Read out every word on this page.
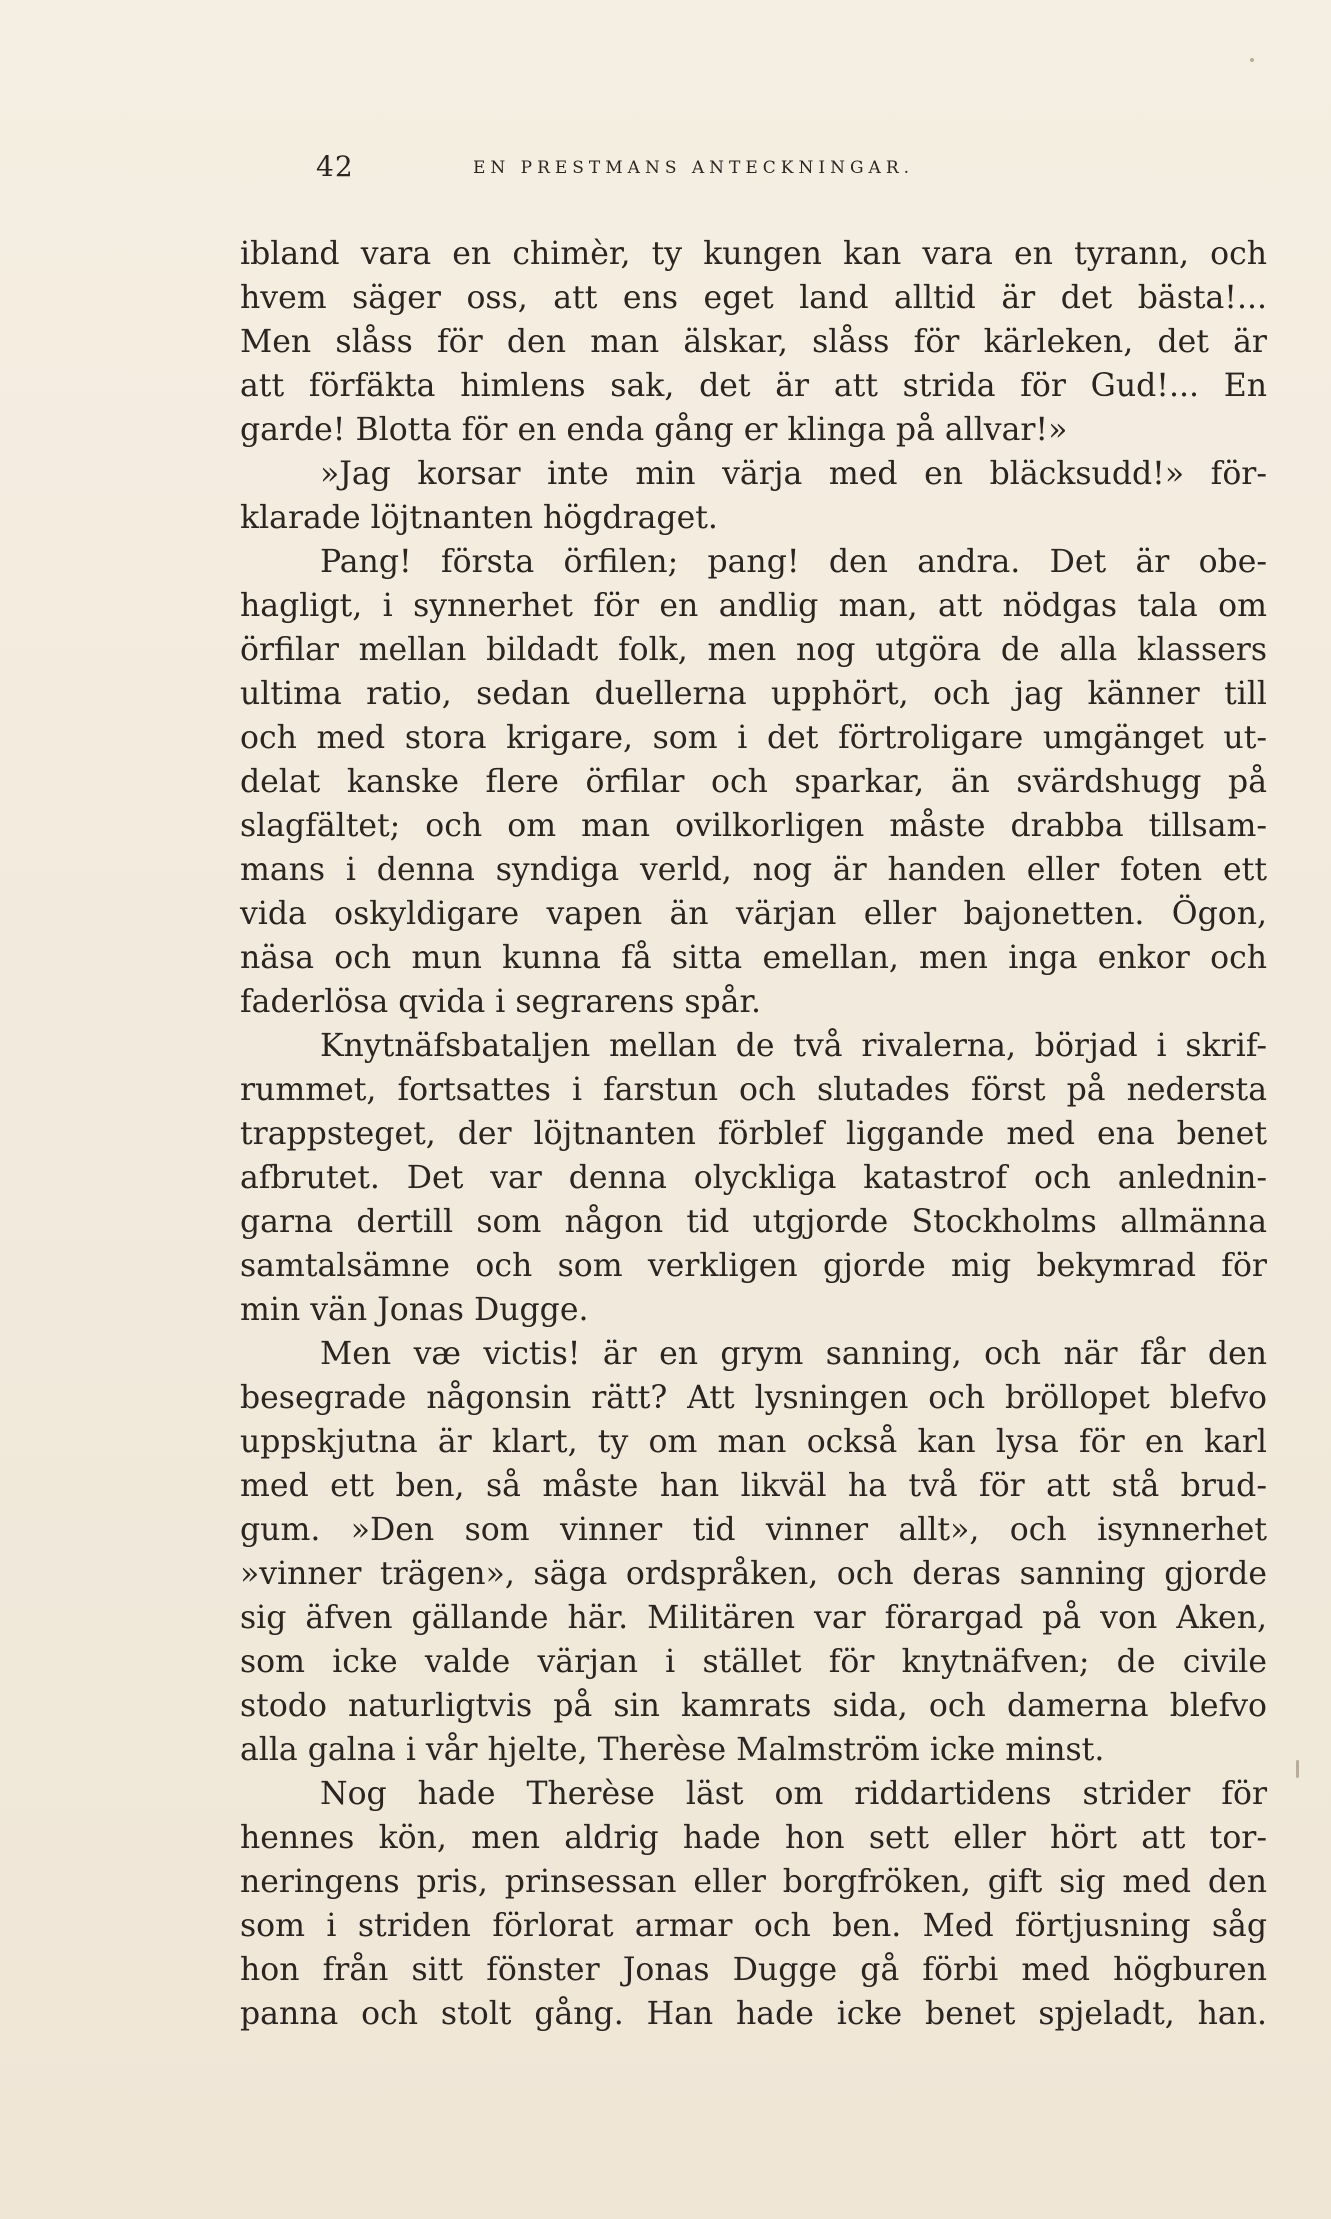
42	EN PRESTMANS ANTECKNINGAR.
ibland vara en chimèr, ty kungen kan vara en tyrann, och
hvem säger oss, att ens eget land alltid är det bästa!...
Men slåss för den man älskar, slåss för kärleken, det är
att förfäkta himlens sak, det är att strida för Gud!... En
garde! Blotta för en enda gång er klinga på allvar!»
»Jag korsar inte min värja med en bläcksudd!» för-
klarade löjtnanten högdraget.
Pang! första örfilen; pang! den andra. Det är obe-
hagligt, i synnerhet för en andlig man, att nödgas tala om
örfilar mellan bildadt folk, men nog utgöra de alla klassers
ultima ratio, sedan duellerna upphört, och jag känner till
och med stora krigare, som i det förtroligare umgänget ut-
delat kanske flere örfilar och sparkar, än svärdshugg på
slagfältet; och om man ovilkorligen måste drabba tillsam-
mans i denna syndiga verld, nog är handen eller foten ett
vida oskyldigare vapen än värjan eller bajonetten. Ögon,
näsa och mun kunna få sitta emellan, men inga enkor och
faderlösa qvida i segrarens spår.
Knytnäfsbataljen mellan de två rivalerna, börjad i skrif-
rummet, fortsattes i farstun och slutades först på nedersta
trappsteget, der löjtnanten förblef liggande med ena benet
afbrutet. Det var denna olyckliga katastrof och anlednin-
garna dertill som någon tid utgjorde Stockholms allmänna
samtalsämne och som verkligen gjorde mig bekymrad för
min vän Jonas Dugge.
Men væ victis! är en grym sanning, och när får den
besegrade någonsin rätt? Att lysningen och bröllopet blefvo
uppskjutna är klart, ty om man också kan lysa för en karl
med ett ben, så måste han likväl ha två för att stå brud-
gum. »Den som vinner tid vinner allt», och isynnerhet
»vinner trägen», säga ordspråken, och deras sanning gjorde
sig äfven gällande här. Militären var förargad på von Aken,
som icke valde värjan i stället för knytnäfven; de civile
stodo naturligtvis på sin kamrats sida, och damerna blefvo
alla galna i vår hjelte, Therèse Malmström icke minst.
Nog hade Therèse läst om riddartidens strider för
hennes kön, men aldrig hade hon sett eller hört att tor-
neringens pris, prinsessan eller borgfröken, gift sig med den
som i striden förlorat armar och ben. Med förtjusning såg
hon från sitt fönster Jonas Dugge gå förbi med högburen
panna och stolt gång. Han hade icke benet spjeladt, han.
